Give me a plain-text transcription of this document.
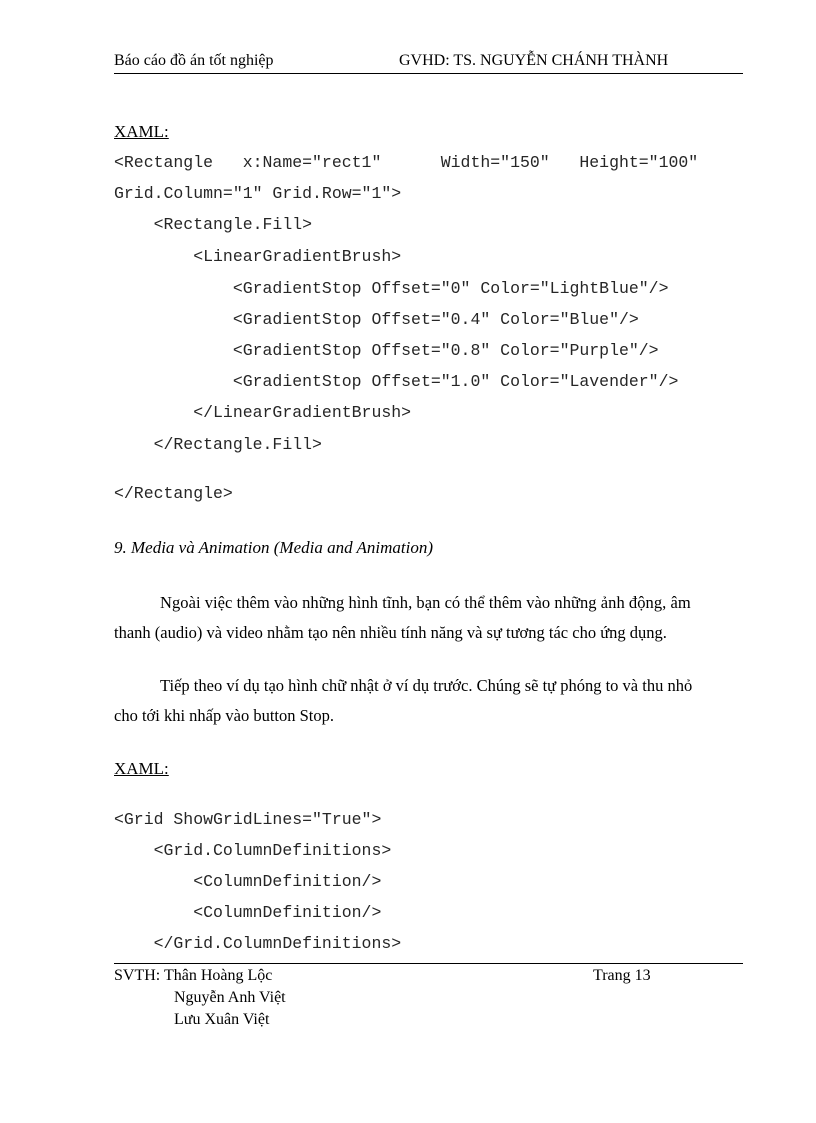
Báo cáo đồ án tốt nghiệp	GVHD: TS. NGUYỄN CHÁNH THÀNH
XAML:
<Rectangle   x:Name="rect1"      Width="150"   Height="100"
Grid.Column="1" Grid.Row="1">
<Rectangle.Fill>
<LinearGradientBrush>
<GradientStop Offset="0" Color="LightBlue"/>
<GradientStop Offset="0.4" Color="Blue"/>
<GradientStop Offset="0.8" Color="Purple"/>
<GradientStop Offset="1.0" Color="Lavender"/>
</LinearGradientBrush>
</Rectangle.Fill>
</Rectangle>
9. Media và Animation (Media and Animation)
Ngoài việc thêm vào những hình tĩnh, bạn có thể thêm vào những ảnh động, âm
thanh (audio) và video nhằm tạo nên nhiều tính năng và sự tương tác cho ứng dụng.
Tiếp theo ví dụ tạo hình chữ nhật ở ví dụ trước. Chúng sẽ tự phóng to và thu nhỏ
cho tới khi nhấp vào button Stop.
XAML:
<Grid ShowGridLines="True">
<Grid.ColumnDefinitions>
<ColumnDefinition/>
<ColumnDefinition/>
</Grid.ColumnDefinitions>
SVTH: Thân Hoàng Lộc
Nguyễn Anh Việt
Lưu Xuân Việt
Trang 13
